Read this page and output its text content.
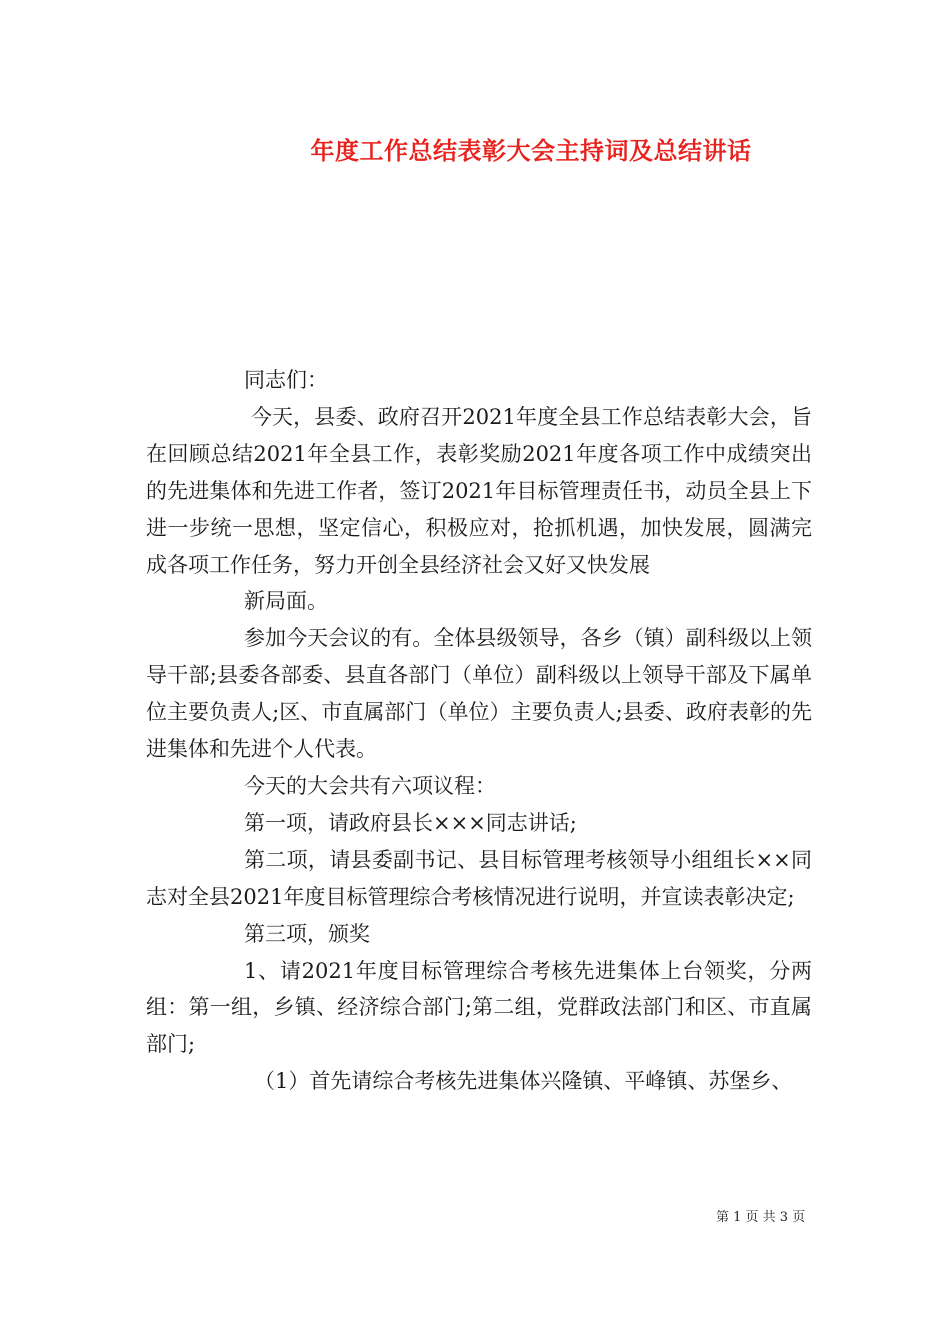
年度工作总结表彰大会主持词及总结讲话

同志们：

今天，县委、政府召开2021年度全县工作总结表彰大会，旨在回顾总结2021年全县工作，表彰奖励2021年度各项工作中成绩突出的先进集体和先进工作者，签订2021年目标管理责任书，动员全县上下进一步统一思想，坚定信心，积极应对，抢抓机遇，加快发展，圆满完成各项工作任务，努力开创全县经济社会又好又快发展

新局面。

参加今天会议的有。全体县级领导，各乡（镇）副科级以上领导干部;县委各部委、县直各部门（单位）副科级以上领导干部及下属单位主要负责人;区、市直属部门（单位）主要负责人;县委、政府表彰的先进集体和先进个人代表。

今天的大会共有六项议程：

第一项，请政府县长×××同志讲话;

第二项，请县委副书记、县目标管理考核领导小组组长××同志对全县2021年度目标管理综合考核情况进行说明，并宣读表彰决定;

第三项，颁奖

1、请2021年度目标管理综合考核先进集体上台领奖，分两组：第一组，乡镇、经济综合部门;第二组，党群政法部门和区、市直属部门;

（1）首先请综合考核先进集体兴隆镇、平峰镇、苏堡乡、

第 1 页 共 3 页
